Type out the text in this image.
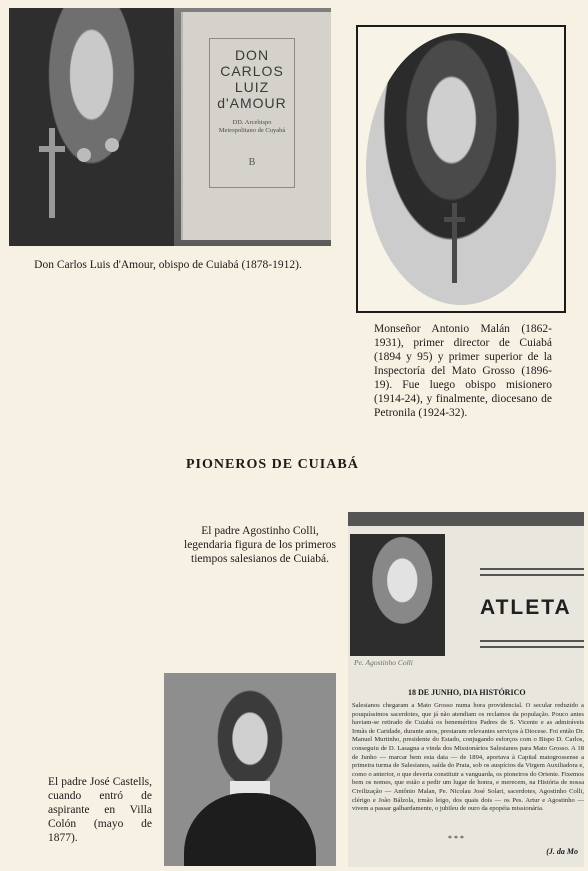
DON CARLOS LUIZ d'AMOUR
DD. Arcebispo Metropolitano de Cuyabá
B
Don Carlos Luis d'Amour, obispo de Cuiabá (1878-1912).
Monseñor Antonio Malán (1862-1931), primer director de Cuiabá (1894 y 95) y primer superior de la Inspectoría del Mato Grosso (1896-19). Fue luego obispo misionero (1914-24), y finalmente, diocesano de Petronila (1924-32).
PIONEROS DE CUIABÁ
El padre Agostinho Colli, legendaria figura de los primeros tiempos salesianos de Cuiabá.
Pe. Agostinho Colli
ATLETA
18 DE JUNHO, DIA HISTÓRICO
Salesianos chegaram a Mato Grosso numa hora providencial. O secular reduzido a pouquíssimos sacerdotes, que já não atendiam os reclamos da população. Pouco antes haviam-se retirado de Cuiabá os beneméritos Padres de S. Vicente e as admiráveis Irmãs de Caridade, durante anos, prestaram relevantes serviços à Diocese. Foi então Dr. Manuel Murtinho, presidente do Estado, conjugando esforços com o Bispo D. Carlos, conseguiu de D. Lasagna a vinda dos Missionários Salesianos para Mato Grosso. A 18 de Junho — marcar bem esta data — de 1894, aportava à Capital matogrossense a primeira turma de Salesianos, saída do Prata, sob os auspícios da Virgem Auxiliadora e, como o anterior, o que deveria constituir a vanguarda, os pioneiros do Oriente. Fixemos bem os nomes, que estão a pedir um lugar de honra, e merecem, na História de nossa Civilização — Antônio Malan, Pe. Nicolau José Solari, sacerdotes, Agostinho Colli, clérigo e João Bálzola, irmão leigo, dos quais dois — os Pes. Artur e Agostinho — vivem a passar galhardamente, o jubileu de ouro da epopéia missionária.
* * *
(J. da Mo
El padre José Castells, cuando entró de aspirante en Villa Colón (mayo de 1877).
